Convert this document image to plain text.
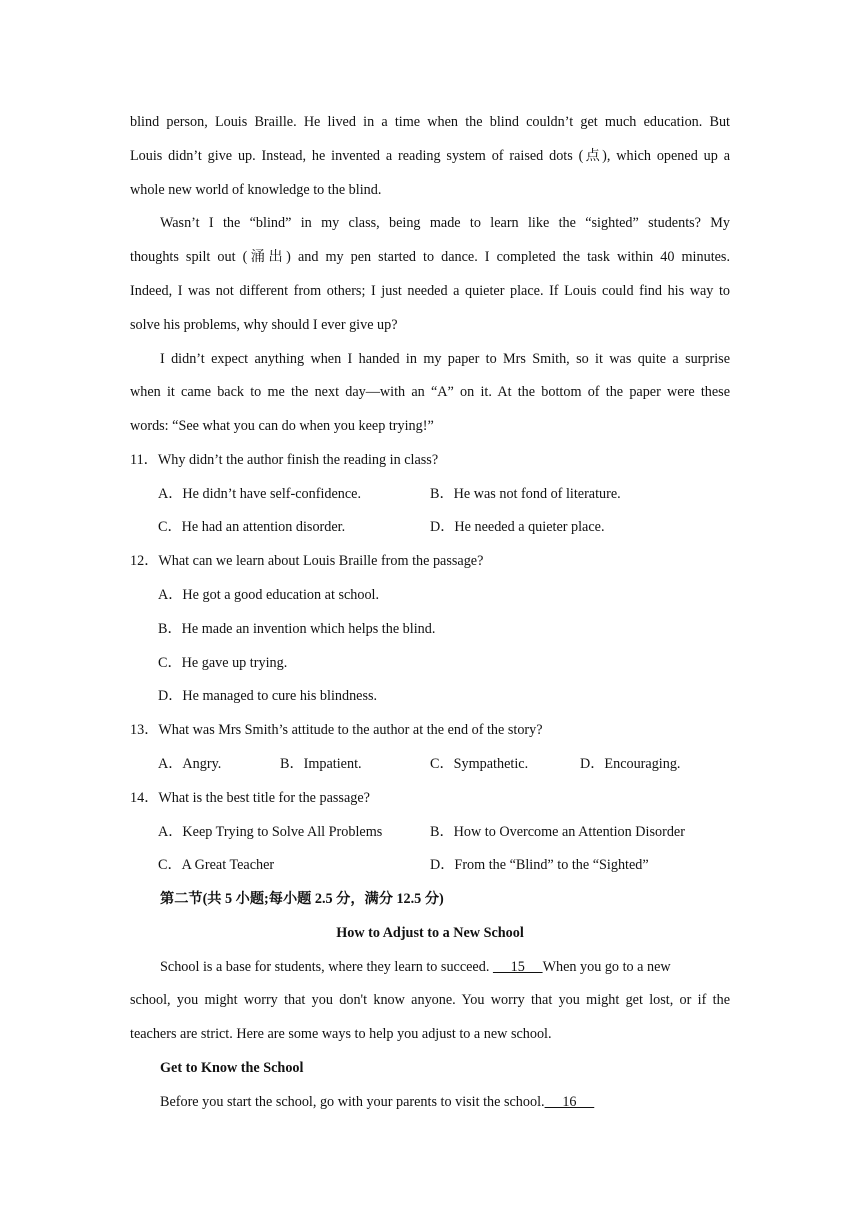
blind person, Louis Braille. He lived in a time when the blind couldn’t get much education. But
Louis didn’t give up. Instead, he invented a reading system of raised dots (点), which opened up a
whole new world of knowledge to the blind.
Wasn’t I the “blind” in my class, being made to learn like the “sighted” students? My
thoughts spilt out (涌出) and my pen started to dance. I completed the task within 40 minutes.
Indeed, I was not different from others; I just needed a quieter place. If Louis could find his way to
solve his problems, why should I ever give up?
I didn’t expect anything when I handed in my paper to Mrs Smith, so it was quite a surprise
when it came back to me the next day—with an “A” on it. At the bottom of the paper were these
words: “See what you can do when you keep trying!”
11．Why didn’t the author finish the reading in class?
A．He didn’t have self-confidence.	B．He was not fond of literature.
C．He had an attention disorder.	D．He needed a quieter place.
12．What can we learn about Louis Braille from the passage?
A．He got a good education at school.
B．He made an invention which helps the blind.
C．He gave up trying.
D．He managed to cure his blindness.
13．What was Mrs Smith’s attitude to the author at the end of the story?
A．Angry.	B．Impatient.	C．Sympathetic.	D．Encouraging.
14．What is the best title for the passage?
A．Keep Trying to Solve All Problems	B．How to Overcome an Attention Disorder
C．A Great Teacher	D．From the “Blind” to the “Sighted”
第二节(共 5 小题;每小题 2.5 分，满分 12.5 分)
How to Adjust to a New School
School is a base for students, where they learn to succeed.      15     When you go to a new
school, you might worry that you don't know anyone. You worry that you might get lost, or if the
teachers are strict. Here are some ways to help you adjust to a new school.
Get to Know the School
Before you start the school, go with your parents to visit the school.     16
